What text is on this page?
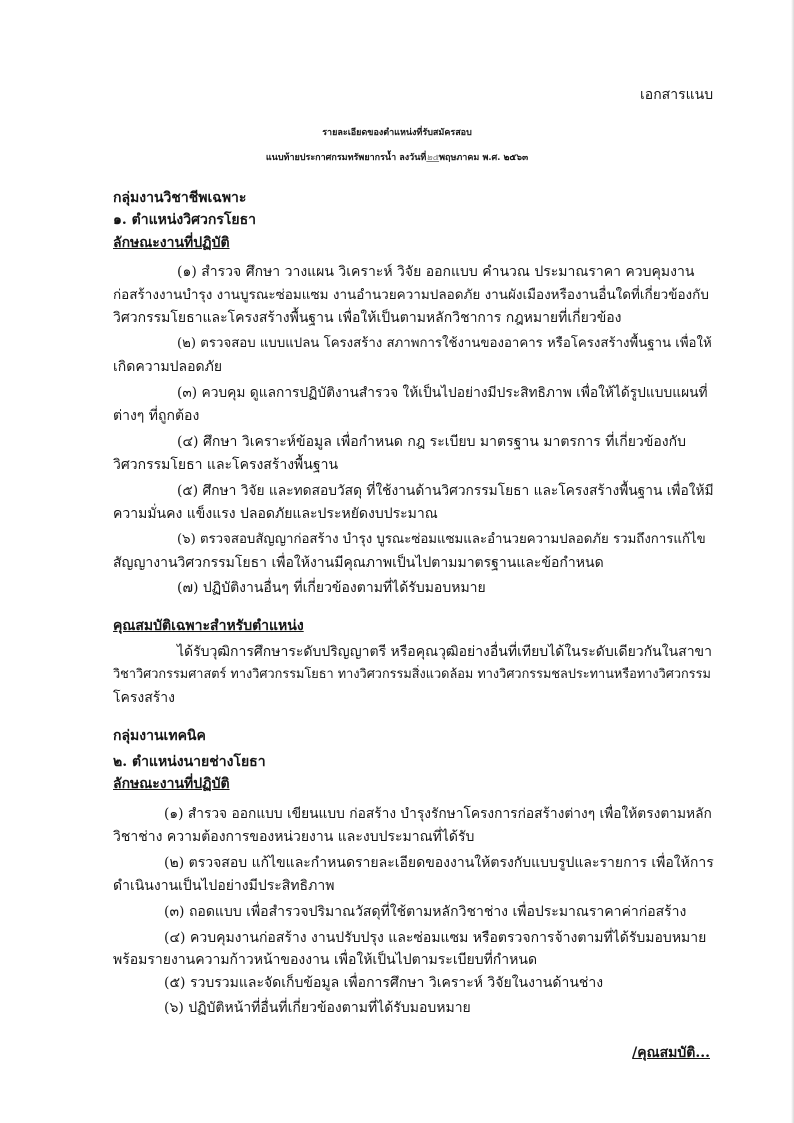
เอกสารแนบ
รายละเอียดของตำแหน่งที่รับสมัครสอบ
แนบท้ายประกาศกรมทรัพยากรน้ำ ลงวันที่๒๕พฤษภาคม พ.ศ. ๒๕๖๓
กลุ่มงานวิชาชีพเฉพาะ
๑. ตำแหน่งวิศวกรโยธา
ลักษณะงานที่ปฏิบัติ
(๑) สำรวจ ศึกษา วางแผน วิเคราะห์ วิจัย ออกแบบ คำนวณ ประมาณราคา ควบคุมงาน
ก่อสร้างงานบำรุง งานบูรณะซ่อมแซม งานอำนวยความปลอดภัย งานผังเมืองหรืองานอื่นใดที่เกี่ยวข้องกับ
วิศวกรรมโยธาและโครงสร้างพื้นฐาน เพื่อให้เป็นตามหลักวิชาการ กฎหมายที่เกี่ยวข้อง
(๒) ตรวจสอบ แบบแปลน โครงสร้าง สภาพการใช้งานของอาคาร หรือโครงสร้างพื้นฐาน เพื่อให้
เกิดความปลอดภัย
(๓) ควบคุม ดูแลการปฏิบัติงานสำรวจ ให้เป็นไปอย่างมีประสิทธิภาพ เพื่อให้ได้รูปแบบแผนที่
ต่างๆ ที่ถูกต้อง
(๔) ศึกษา วิเคราะห์ข้อมูล เพื่อกำหนด กฎ ระเบียบ มาตรฐาน มาตรการ ที่เกี่ยวข้องกับ
วิศวกรรมโยธา และโครงสร้างพื้นฐาน
(๕) ศึกษา วิจัย และทดสอบวัสดุ ที่ใช้งานด้านวิศวกรรมโยธา และโครงสร้างพื้นฐาน เพื่อให้มี
ความมั่นคง แข็งแรง ปลอดภัยและประหยัดงบประมาณ
(๖) ตรวจสอบสัญญาก่อสร้าง บำรุง บูรณะซ่อมแซมและอำนวยความปลอดภัย รวมถึงการแก้ไข
สัญญางานวิศวกรรมโยธา เพื่อให้งานมีคุณภาพเป็นไปตามมาตรฐานและข้อกำหนด
(๗) ปฏิบัติงานอื่นๆ ที่เกี่ยวข้องตามที่ได้รับมอบหมาย
คุณสมบัติเฉพาะสำหรับตำแหน่ง
ได้รับวุฒิการศึกษาระดับปริญญาตรี หรือคุณวุฒิอย่างอื่นที่เทียบได้ในระดับเดียวกันในสาขา
วิชาวิศวกรรมศาสตร์ ทางวิศวกรรมโยธา ทางวิศวกรรมสิ่งแวดล้อม ทางวิศวกรรมชลประทานหรือทางวิศวกรรม
โครงสร้าง
กลุ่มงานเทคนิค
๒. ตำแหน่งนายช่างโยธา
ลักษณะงานที่ปฏิบัติ
(๑) สำรวจ ออกแบบ เขียนแบบ ก่อสร้าง บำรุงรักษาโครงการก่อสร้างต่างๆ เพื่อให้ตรงตามหลัก
วิชาช่าง ความต้องการของหน่วยงาน และงบประมาณที่ได้รับ
(๒) ตรวจสอบ แก้ไขและกำหนดรายละเอียดของงานให้ตรงกับแบบรูปและรายการ เพื่อให้การ
ดำเนินงานเป็นไปอย่างมีประสิทธิภาพ
(๓) ถอดแบบ เพื่อสำรวจปริมาณวัสดุที่ใช้ตามหลักวิชาช่าง เพื่อประมาณราคาค่าก่อสร้าง
(๔) ควบคุมงานก่อสร้าง งานปรับปรุง และซ่อมแซม หรือตรวจการจ้างตามที่ได้รับมอบหมาย
พร้อมรายงานความก้าวหน้าของงาน เพื่อให้เป็นไปตามระเบียบที่กำหนด
(๕) รวบรวมและจัดเก็บข้อมูล เพื่อการศึกษา วิเคราะห์ วิจัยในงานด้านช่าง
(๖) ปฏิบัติหน้าที่อื่นที่เกี่ยวข้องตามที่ได้รับมอบหมาย
/คุณสมบัติ...
